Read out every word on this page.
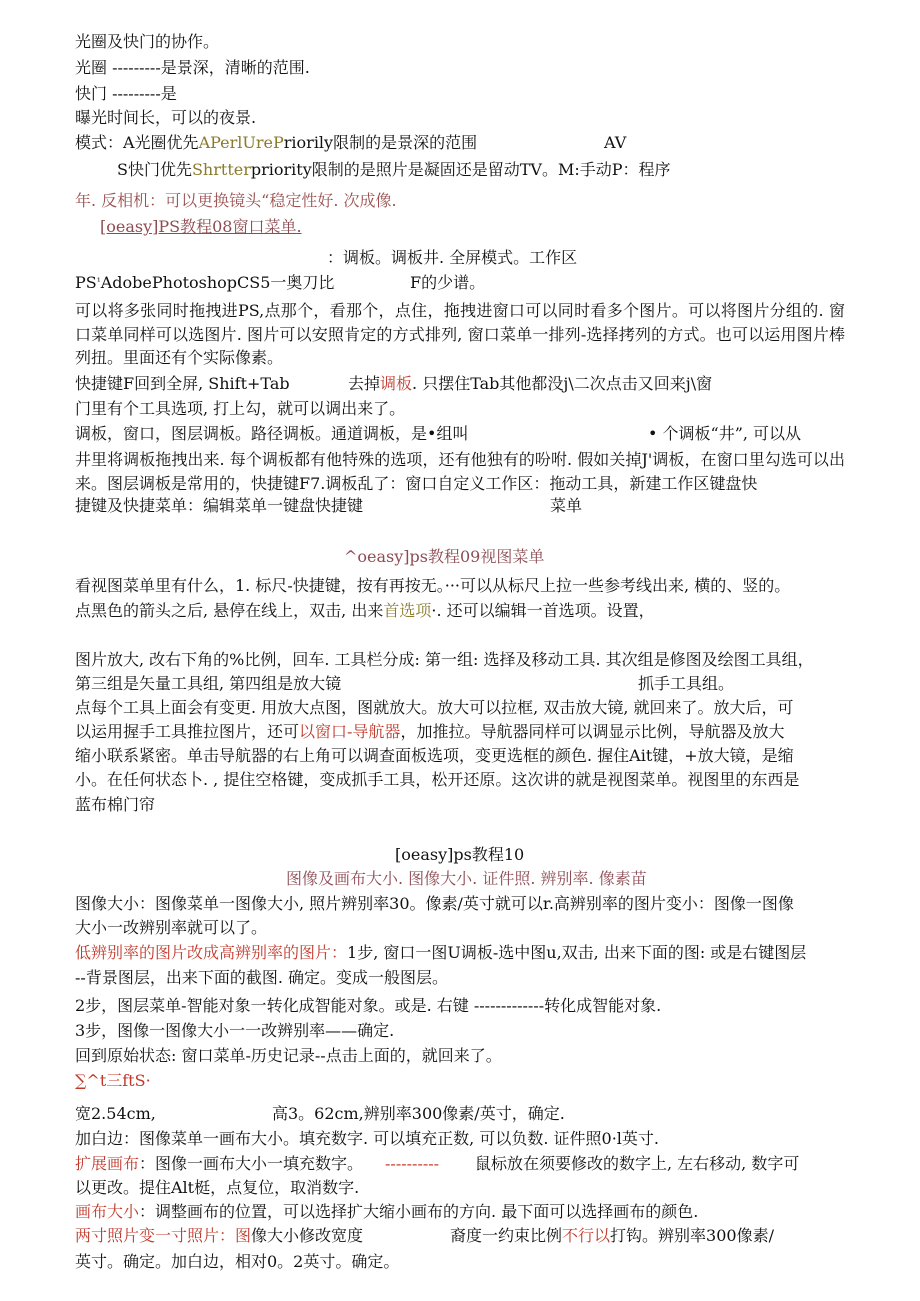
光圈及快门的协作。
光圈 ---------是景深，清晰的范围.
快门 ---------是
曝光时间长，可以的夜景.
模式：A光圈优先APerlUrePriorily限制的是景深的范围	AV
S快门优先Shrtterpriority限制的是照片是凝固还是留动TV。M:手动P：程序
年. 反相机：可以更换镜头“稳定性好. 次成像.
[oeasy]PS教程08窗口菜单.
：调板。调板井. 全屏模式。工作区
$PS^{^1}AdobePhotoshopCS5$一奥刀比	F的少谱。
可以将多张同时拖拽进PS,点那个，看那个，点住，拖拽进窗口可以同时看多个图片。可以将图片分组的. 窗口菜单同样可以选图片. 图片可以安照肯定的方式排列, 窗口菜单一排列-选择拷列的方式。也可以运用图片棒列扭。里面还有个实际像素。
快捷键F回到全屏, Shift+Tab	去掉调板. 只摆住Tab其他都没j\二次点击又回来j\窗
门里有个工具选项, 打上勾，就可以调出来了。
调板，窗口，图层调板。路径调板。通道调板，是•组叫	• 个调板“井”, 可以从
井里将调板拖拽出来. 每个调板都有他特殊的选项，还有他独有的吩咐. 假如关掉J'调板，在窗口里勾选可以出来。图层调板是常用的，快捷键F7.调板乱了：窗口自定义工作区：拖动工具，新建工作区键盘快
捷键及快捷菜单：编辑菜单一键盘快捷键	菜单
^oeasy]ps教程09视图菜单
看视图菜单里有什么，1. 标尺-快捷键，按有再按无。···可以从标尺上拉一些参考线出来, 横的、竖的。
点黑色的箭头之后, 悬停在线上，双击, 出来首选项·. 还可以编辑一首选项。设置，
图片放大, 改右下角的%比例，回车. 工具栏分成: 第一组: 选择及移动工具. 其次组是修图及绘图工具组，
第三组是矢量工具组, 第四组是放大镜	抓手工具组。
点每个工具上面会有变更. 用放大点图，图就放大。放大可以拉框, 双击放大镜, 就回来了。放大后，可
以运用握手工具推拉图片，还可以窗口-导航器，加推拉。导航器同样可以调显示比例，导航器及放大
缩小联系紧密。单击导航器的右上角可以调查面板选项，变更选框的颜色. 握住Ait键，+放大镜，是缩
小。在任何状态卜. , 提住空格键，变成抓手工具，松开还原。这次讲的就是视图菜单。视图里的东西是
蓝布棉门帘
[oeasy]ps教程10
图像及画布大小. 图像大小. 证件照. 辨别率. 像素苗
图像大小：图像菜单一图像大小, 照片辨别率30。像素/英寸就可以r.高辨别率的图片变小：图像一图像
大小一改辨别率就可以了。
低辨别率的图片改成高辨别率的图片：1步, 窗口一图U调板-选中图u,双击, 出来下面的图: 或是右键图层
--背景图层，出来下面的截图. 确定。变成一般图层。
2步，图层菜单-智能对象一转化成智能对象。或是. 右键 -------------转化成智能对象.
3步，图像一图像大小一一改辨别率——确定.
回到原始状态: 窗口菜单-历史记录--点击上面的，就回来了。
∑^t三ftS·
宽2.54cm,	高3。62cm,辨别率300像素/英寸，确定.
加白边：图像菜单一画布大小。填充数字. 可以填充正数, 可以负数. 证件照0·l英寸.
扩展画布：图像一画布大小一填充数字。 ---------- 鼠标放在须要修改的数字上, 左右移动, 数字可
以更改。提住Alt梃，点复位，取消数字.
画布大小：调整画布的位置，可以选择扩大缩小画布的方向. 最下面可以选择画布的颜色.
两寸照片变一寸照片：图像大小修改宽度	裔度一约束比例不行以打钩。辨别率300像素/
英寸。确定。加白边，相对0。2英寸。确定。
